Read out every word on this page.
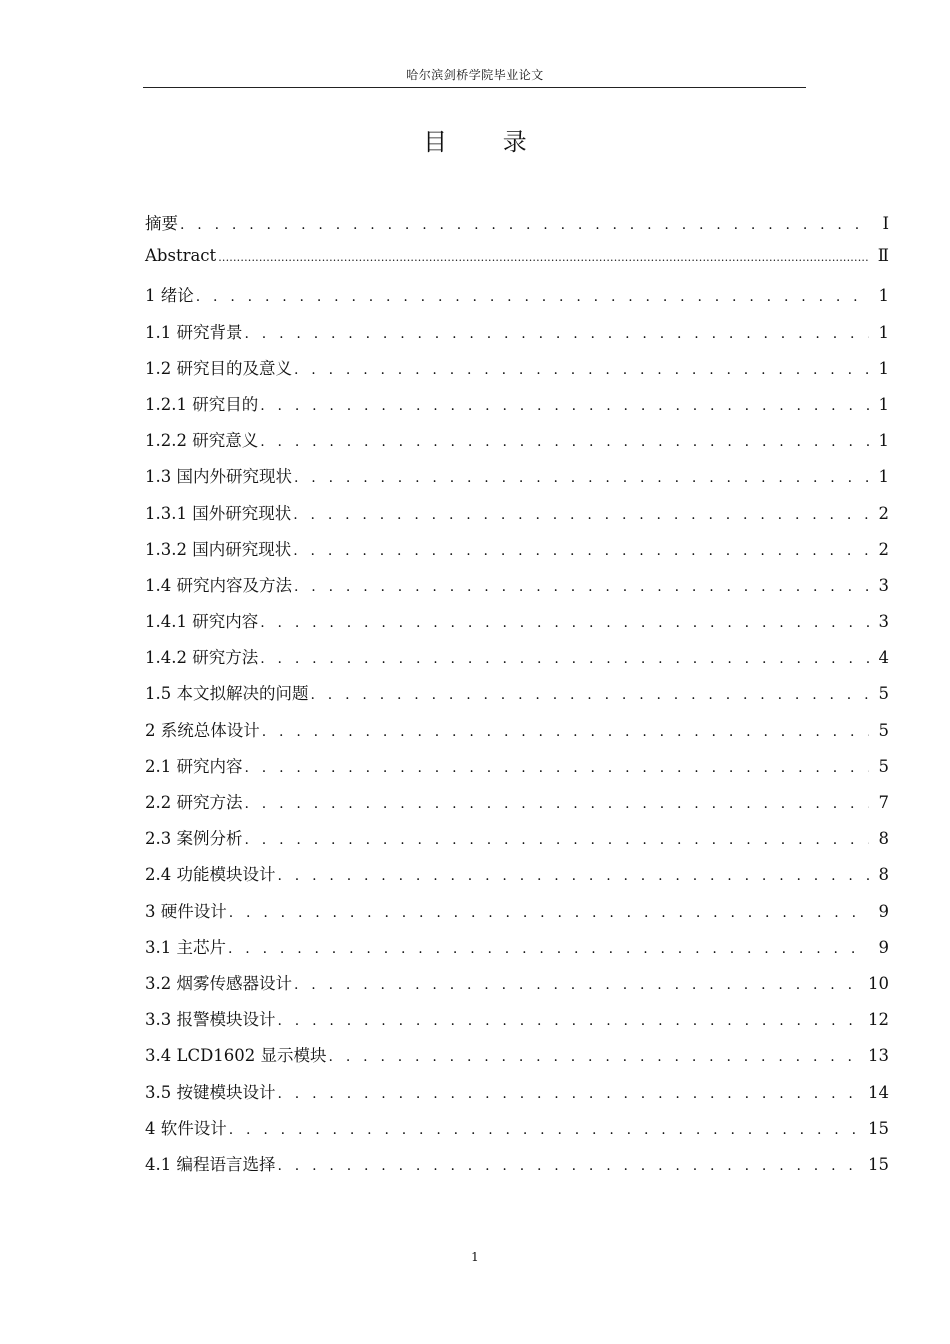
哈尔滨剑桥学院毕业论文
目 录
摘要 . . .	Ⅰ
Abstract .....	Ⅱ
1 绪论 . . .	1
1.1 研究背景 . . .	1
1.2 研究目的及意义 . . .	1
1.2.1 研究目的 . . .	1
1.2.2 研究意义 . . .	1
1.3 国内外研究现状 . . .	1
1.3.1 国外研究现状 . . .	2
1.3.2 国内研究现状 . . .	2
1.4 研究内容及方法 . . .	3
1.4.1 研究内容 . . .	3
1.4.2 研究方法 . . .	4
1.5 本文拟解决的问题 . . .	5
2 系统总体设计 . . .	5
2.1 研究内容 . . .	5
2.2 研究方法 . . .	7
2.3 案例分析 . . .	8
2.4 功能模块设计 . . .	8
3 硬件设计 . . .	9
3.1 主芯片 . . .	9
3.2 烟雾传感器设计 . . .	10
3.3 报警模块设计 . . .	12
3.4 LCD1602 显示模块 . . .	13
3.5 按键模块设计 . . .	14
4 软件设计 . . .	15
4.1 编程语言选择 . . .	15
1
